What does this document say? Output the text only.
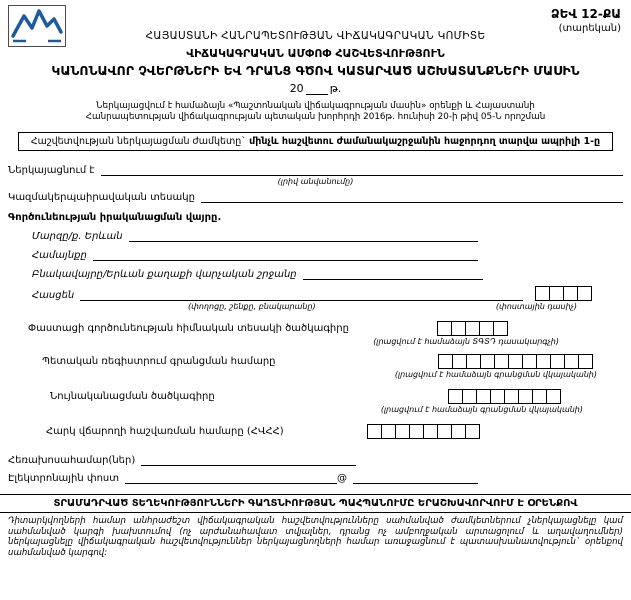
ՁԵՎ 12-ՔԱ
(տարեկան)
ՀԱՅԱՍՏԱՆԻ ՀԱՆՐԱՊԵՏՈՒԹՅԱՆ ՎԻՃԱԿԱԳՐԱԿԱՆ ԿՈՄԻՏԵ
ՎԻՃԱԿԱԳՐԱԿԱՆ ԱՄՓՈՓ ՀԱՇՎԵՏՎՈՒԹՅՈՒՆ
ԿԱՆՈՆԱՎՈՐ ՉՎԵՐԹՆԵՐԻ ԵՎ ԴՐԱՆՑ ԳԾՈՎ ԿԱՏԱՐՎԱԾ ԱՇԽԱՏԱՆՔՆԵՐԻ ՄԱՍԻՆ
20 թ.
Ներկայացվում է համաձայն «Պաշտոնական վիճակագրության մասին» օրենքի և Հայաստանի Հանրապետության վիճակագրության պետական խորհրդի 2016թ. հունիսի 20-ի թիվ 05-Ն որոշման
Հաշվետվության ներկայացման ժամկետը` մինչև հաշվետու ժամանակաշրջանին հաջորդող տարվա ապրիլի 1-ը
Ներկայացնում է
(լրիվ անվանումը)
Կազմակերպաիրավական տեսակը
Գործունեության իրականացման վայրը.
Մարզը/ք. Երևան
Համայնքը
Բնակավայրը/Երևան քաղաքի վարչական շրջանը
Հասցեն
(փողոցը, շենքը, բնակարանը)	(փոստային դասիչ)
Փաստացի գործունեության հիմնական տեսակի ծածկագիրը
(լրացվում է համաձայն ՏԳՏԴ դասակարգչի)
Պետական ռեգիստրում գրանցման համարը
(լրացվում է համաձայն գրանցման վկայականի)
Նույնականացման ծածկագիրը
(լրացվում է համաձայն գրանցման վկայականի)
Հարկ վճարողի հաշվառման համարը (ՀՎՀՀ)
Հեռախոսահամար(ներ)
Էլեկտրոնային փոստ	@
ՏՐԱՄԱԴՐՎԱԾ ՏԵՂԵԿՈՒԹՅՈՒՆՆԵՐԻ ԳԱՂՏՆԻՈՒԹՅԱՆ ՊԱՀՊԱՆՈՒՄԸ ԵՐԱՇԽԱՎՈՐՎՈՒՄ Է ՕՐԵՆՔՈՎ
Դիտարկվողների համար անհրաժեշտ վիճակագրական հաշվետվությունները սահմանված ժամկետներում չներկայացնելը կամ սահմանված կարգի խախտումով (ոչ արժանահավատ տվյալներ, դրանց ոչ ամբողջական արտացոլում և աղավաղումներ) ներկայացնելը վիճակագրական հաշվետվություններ ներկայացնողների համար առաջացնում է պատասխանատվություն` օրենքով սահմանված կարգով:
